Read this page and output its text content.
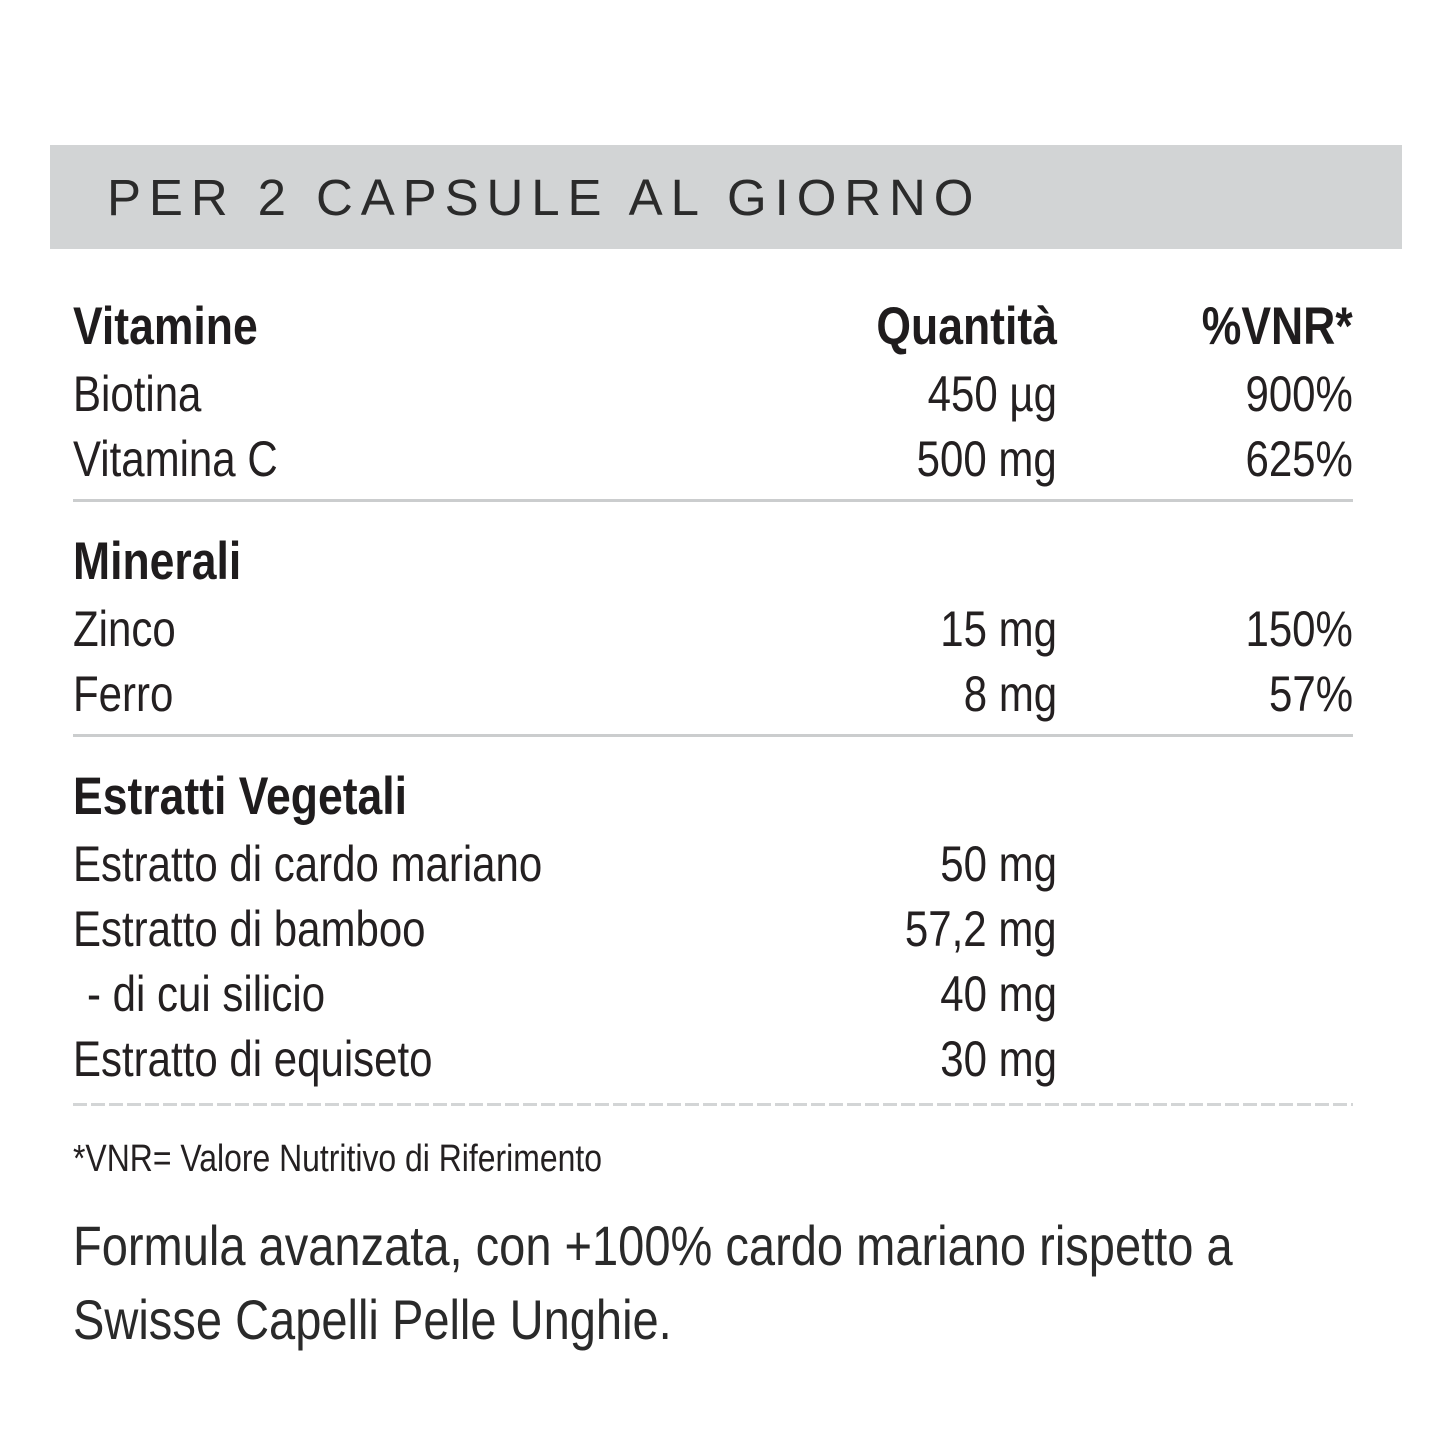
PER 2 CAPSULE AL GIORNO
Vitamine	Quantità	%VNR*
Biotina	450 µg	900%
Vitamina C	500 mg	625%
Minerali
Zinco	15 mg	150%
Ferro	8 mg	57%
Estratti Vegetali
Estratto di cardo mariano	50 mg
Estratto di bamboo	57,2 mg
- di cui silicio	40 mg
Estratto di equiseto	30 mg
*VNR= Valore Nutritivo di Riferimento
Formula avanzata, con +100% cardo mariano rispetto a
Swisse Capelli Pelle Unghie.
